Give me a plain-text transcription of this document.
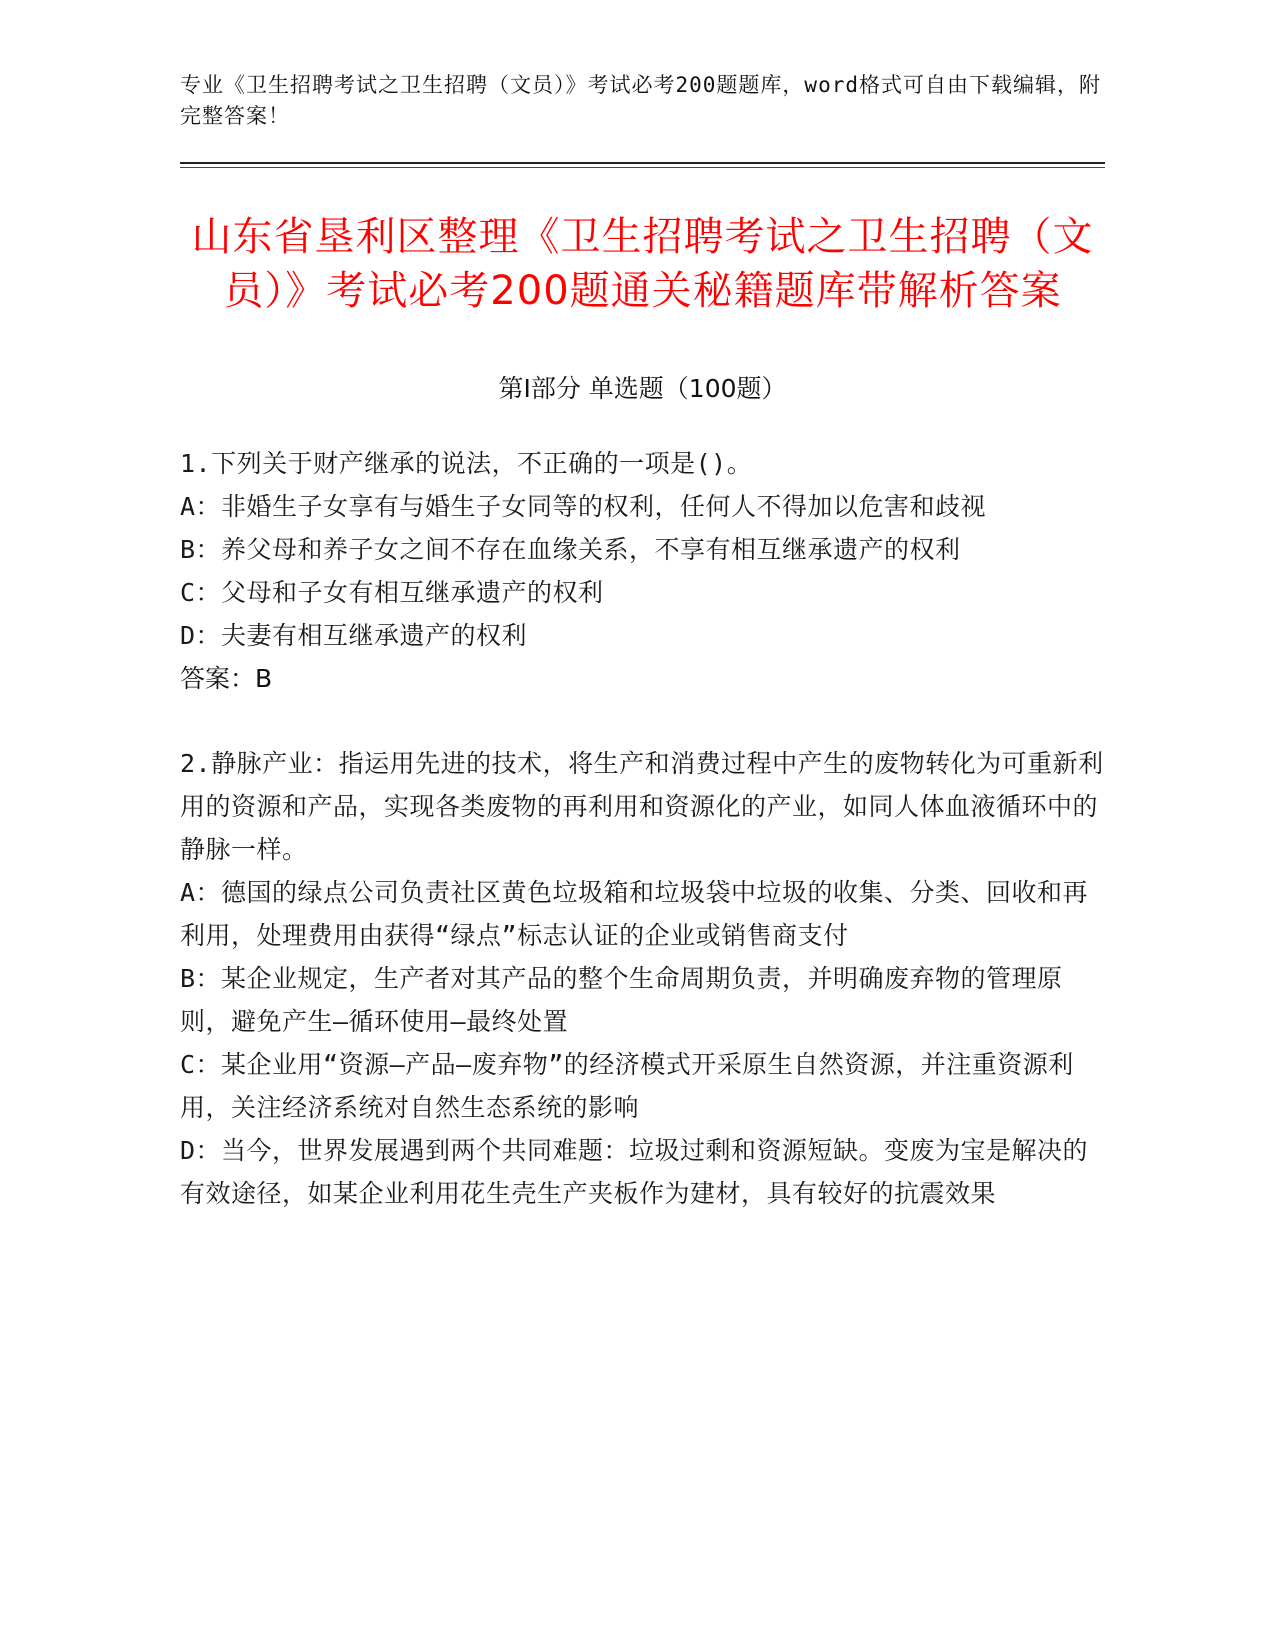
专业《卫生招聘考试之卫生招聘（文员）》考试必考200题题库，word格式可自由下载编辑，附完整答案！

山东省垦利区整理《卫生招聘考试之卫生招聘（文员）》考试必考200题通关秘籍题库带解析答案
第I部分 单选题（100题）

1.下列关于财产继承的说法，不正确的一项是()。

A：非婚生子女享有与婚生子女同等的权利，任何人不得加以危害和歧视

B：养父母和养子女之间不存在血缘关系，不享有相互继承遗产的权利

C：父母和子女有相互继承遗产的权利

D：夫妻有相互继承遗产的权利

答案：B

2.静脉产业：指运用先进的技术，将生产和消费过程中产生的废物转化为可重新利用的资源和产品，实现各类废物的再利用和资源化的产业，如同人体血液循环中的静脉一样。

A：德国的绿点公司负责社区黄色垃圾箱和垃圾袋中垃圾的收集、分类、回收和再利用，处理费用由获得“绿点”标志认证的企业或销售商支付

B：某企业规定，生产者对其产品的整个生命周期负责，并明确废弃物的管理原则，避免产生—循环使用—最终处置

C：某企业用“资源—产品—废弃物”的经济模式开采原生自然资源，并注重资源利用，关注经济系统对自然生态系统的影响

D：当今，世界发展遇到两个共同难题：垃圾过剩和资源短缺。变废为宝是解决的有效途径，如某企业利用花生壳生产夹板作为建材，具有较好的抗震效果
